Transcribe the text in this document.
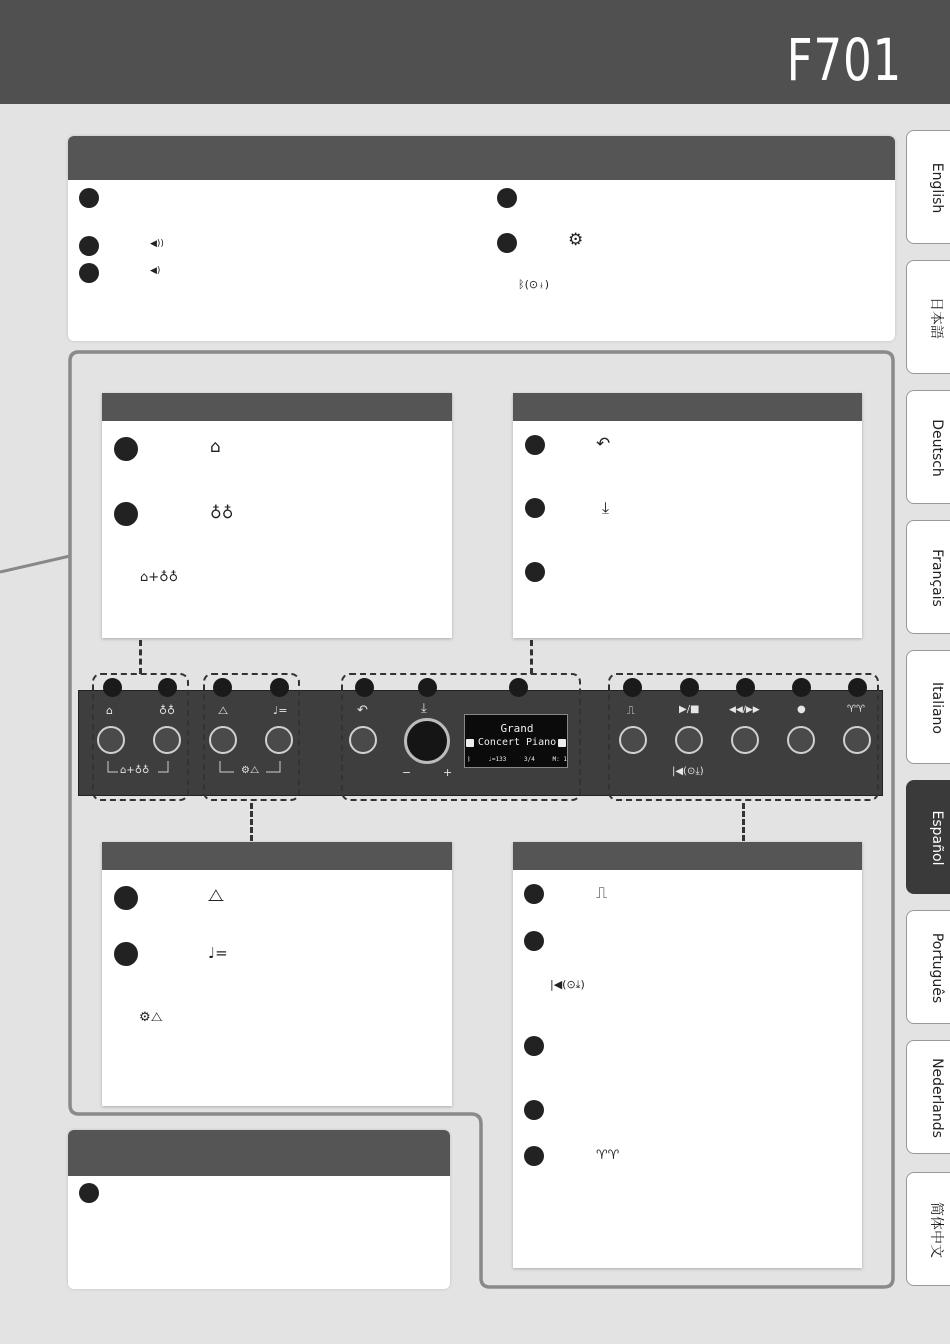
F701
◀))
◀)
⚙
ᛒ(⊙⤓)
⌂
♁♁
⌂+♁♁
↶
⤓
⌂	♁♁	⧍	♩=	↶	⤓	⎍	▶/■	◀◀/▶▶	●	♈♈
−	+
⌂+♁♁	⚙⧍	|◀(⊙⤓)
Grand
Concert Piano
ᛒ	♩=133	3/4	M: 1
⧍
♩=
⚙⧍
⎍
|◀(⊙⤓)
♈♈
English
日本語
Deutsch
Français
Italiano
Español
Português
Nederlands
简体中文
